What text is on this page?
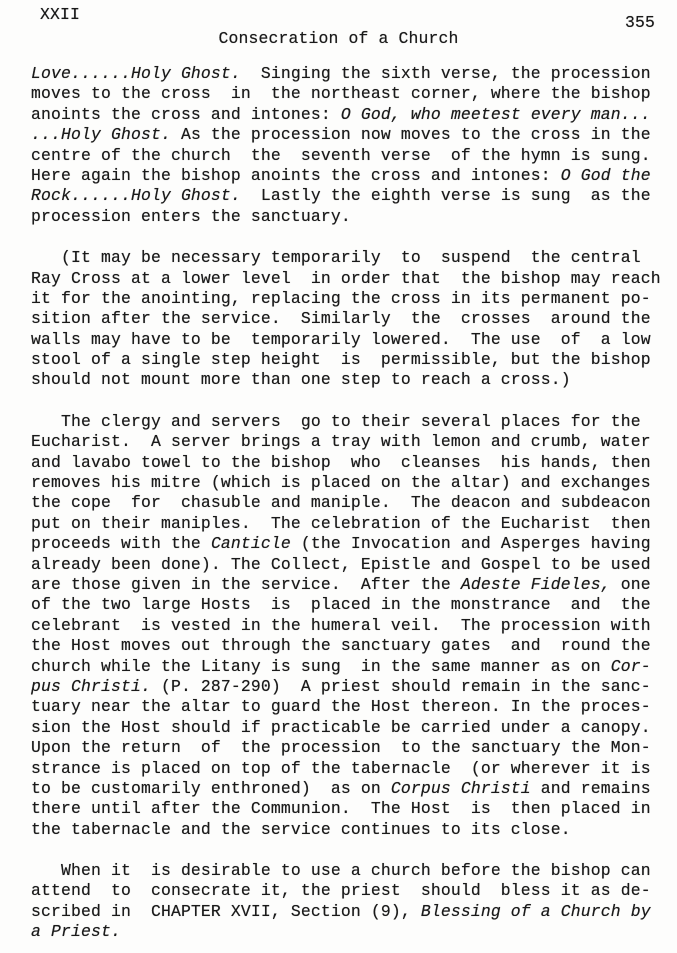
XXII	355
Consecration of a Church
Love......Holy Ghost.  Singing the sixth verse, the procession
moves to the cross  in  the northeast corner, where the bishop
anoints the cross and intones: O God, who meetest every man...
...Holy Ghost. As the procession now moves to the cross in the
centre of the church  the  seventh verse  of the hymn is sung.
Here again the bishop anoints the cross and intones: O God the
Rock......Holy Ghost.  Lastly the eighth verse is sung  as the
procession enters the sanctuary.
(It may be necessary temporarily  to  suspend  the central
Ray Cross at a lower level  in order that  the bishop may reach
it for the anointing, replacing the cross in its permanent po-
sition after the service.  Similarly  the  crosses  around the
walls may have to be  temporarily lowered.  The use  of  a low
stool of a single step height  is  permissible, but the bishop
should not mount more than one step to reach a cross.)
The clergy and servers  go to their several places for the
Eucharist.  A server brings a tray with lemon and crumb, water
and lavabo towel to the bishop  who  cleanses  his hands, then
removes his mitre (which is placed on the altar) and exchanges
the cope  for  chasuble and maniple.  The deacon and subdeacon
put on their maniples.  The celebration of the Eucharist  then
proceeds with the Canticle (the Invocation and Asperges having
already been done). The Collect, Epistle and Gospel to be used
are those given in the service.  After the Adeste Fideles, one
of the two large Hosts  is  placed in the monstrance  and  the
celebrant  is vested in the humeral veil.  The procession with
the Host moves out through the sanctuary gates  and  round the
church while the Litany is sung  in the same manner as on Cor-
pus Christi. (P. 287-290)  A priest should remain in the sanc-
tuary near the altar to guard the Host thereon. In the proces-
sion the Host should if practicable be carried under a canopy.
Upon the return  of  the procession  to the sanctuary the Mon-
strance is placed on top of the tabernacle  (or wherever it is
to be customarily enthroned)  as on Corpus Christi and remains
there until after the Communion.  The Host  is  then placed in
the tabernacle and the service continues to its close.
When it  is desirable to use a church before the bishop can
attend  to  consecrate it, the priest  should  bless it as de-
scribed in  CHAPTER XVII, Section (9), Blessing of a Church by
a Priest.
